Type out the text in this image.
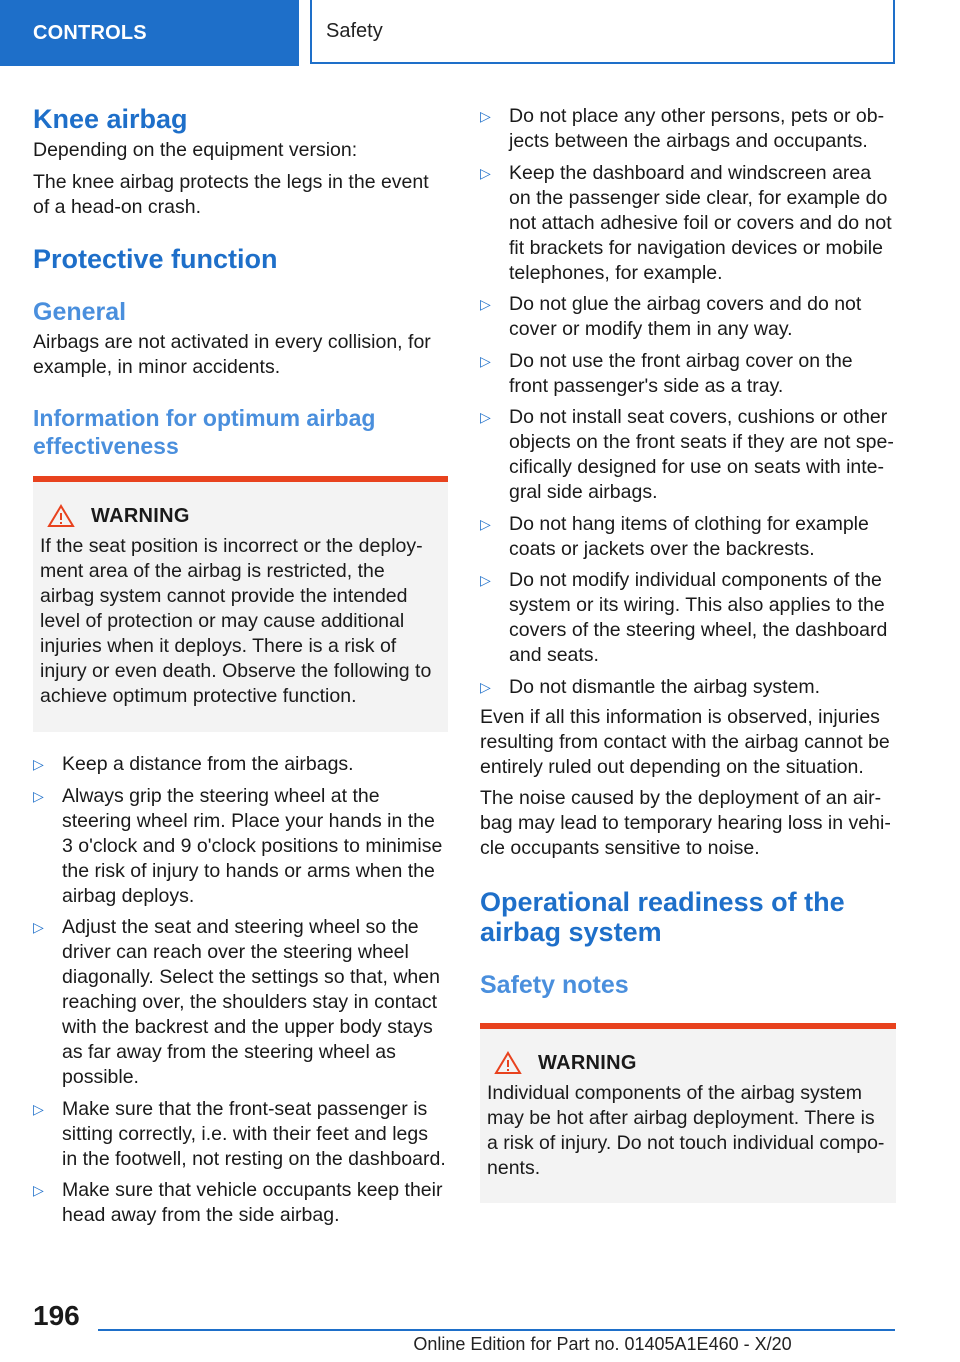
CONTROLS	Safety
Knee airbag

Depending on the equipment version:

The knee airbag protects the legs in the event of a head-on crash.

Protective function
General

Airbags are not activated in every collision, for example, in minor accidents.

Information for optimum airbag effectiveness
WARNING

If the seat position is incorrect or the deployment area of the airbag is restricted, the airbag system cannot provide the intended level of protection or may cause additional injuries when it deploys. There is a risk of injury or even death. Observe the following to achieve optimum protective function.

▷ Keep a distance from the airbags.
▷ Always grip the steering wheel at the steering wheel rim. Place your hands in the 3 o'clock and 9 o'clock positions to minimise the risk of injury to hands or arms when the airbag deploys.
▷ Adjust the seat and steering wheel so the driver can reach over the steering wheel diagonally. Select the settings so that, when reaching over, the shoulders stay in contact with the backrest and the upper body stays as far away from the steering wheel as possible.
▷ Make sure that the front-seat passenger is sitting correctly, i.e. with their feet and legs in the footwell, not resting on the dashboard.
▷ Make sure that vehicle occupants keep their head away from the side airbag.
▷ Do not place any other persons, pets or objects between the airbags and occupants.
▷ Keep the dashboard and windscreen area on the passenger side clear, for example do not attach adhesive foil or covers and do not fit brackets for navigation devices or mobile telephones, for example.
▷ Do not glue the airbag covers and do not cover or modify them in any way.
▷ Do not use the front airbag cover on the front passenger's side as a tray.
▷ Do not install seat covers, cushions or other objects on the front seats if they are not specifically designed for use on seats with integral side airbags.
▷ Do not hang items of clothing for example coats or jackets over the backrests.
▷ Do not modify individual components of the system or its wiring. This also applies to the covers of the steering wheel, the dashboard and seats.
▷ Do not dismantle the airbag system.

Even if all this information is observed, injuries resulting from contact with the airbag cannot be entirely ruled out depending on the situation.

The noise caused by the deployment of an airbag may lead to temporary hearing loss in vehicle occupants sensitive to noise.

Operational readiness of the airbag system
Safety notes
WARNING

Individual components of the airbag system may be hot after airbag deployment. There is a risk of injury. Do not touch individual components.

196
Online Edition for Part no. 01405A1E460 - X/20
